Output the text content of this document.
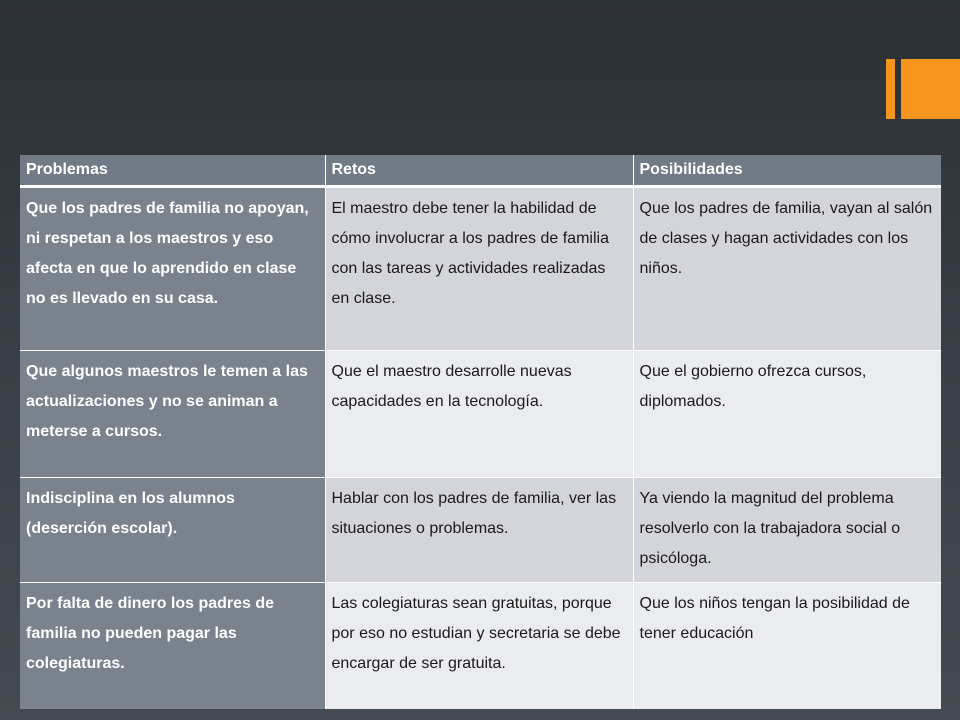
Problemas	Retos	Posibilidades
Que los padres de familia no apoyan, ni respetan a los maestros y eso afecta en que lo aprendido en clase no es llevado en su casa.	El maestro debe tener la habilidad de cómo involucrar a los padres de familia con las tareas y actividades realizadas en clase.	Que los padres de familia, vayan al salón de clases y hagan actividades con los niños.
Que algunos maestros le temen a las actualizaciones y no se animan a meterse a cursos.	Que el maestro desarrolle nuevas capacidades en la tecnología.	Que el gobierno ofrezca cursos, diplomados.
Indisciplina en los alumnos (deserción escolar).	Hablar con los padres de familia, ver las situaciones o problemas.	Ya viendo la magnitud del problema resolverlo con la trabajadora social o psicóloga.
Por falta de dinero los padres de familia no pueden pagar las colegiaturas.	Las colegiaturas sean gratuitas, porque por eso no estudian y secretaria se debe encargar de ser gratuita.	Que los niños tengan la posibilidad de tener educación
